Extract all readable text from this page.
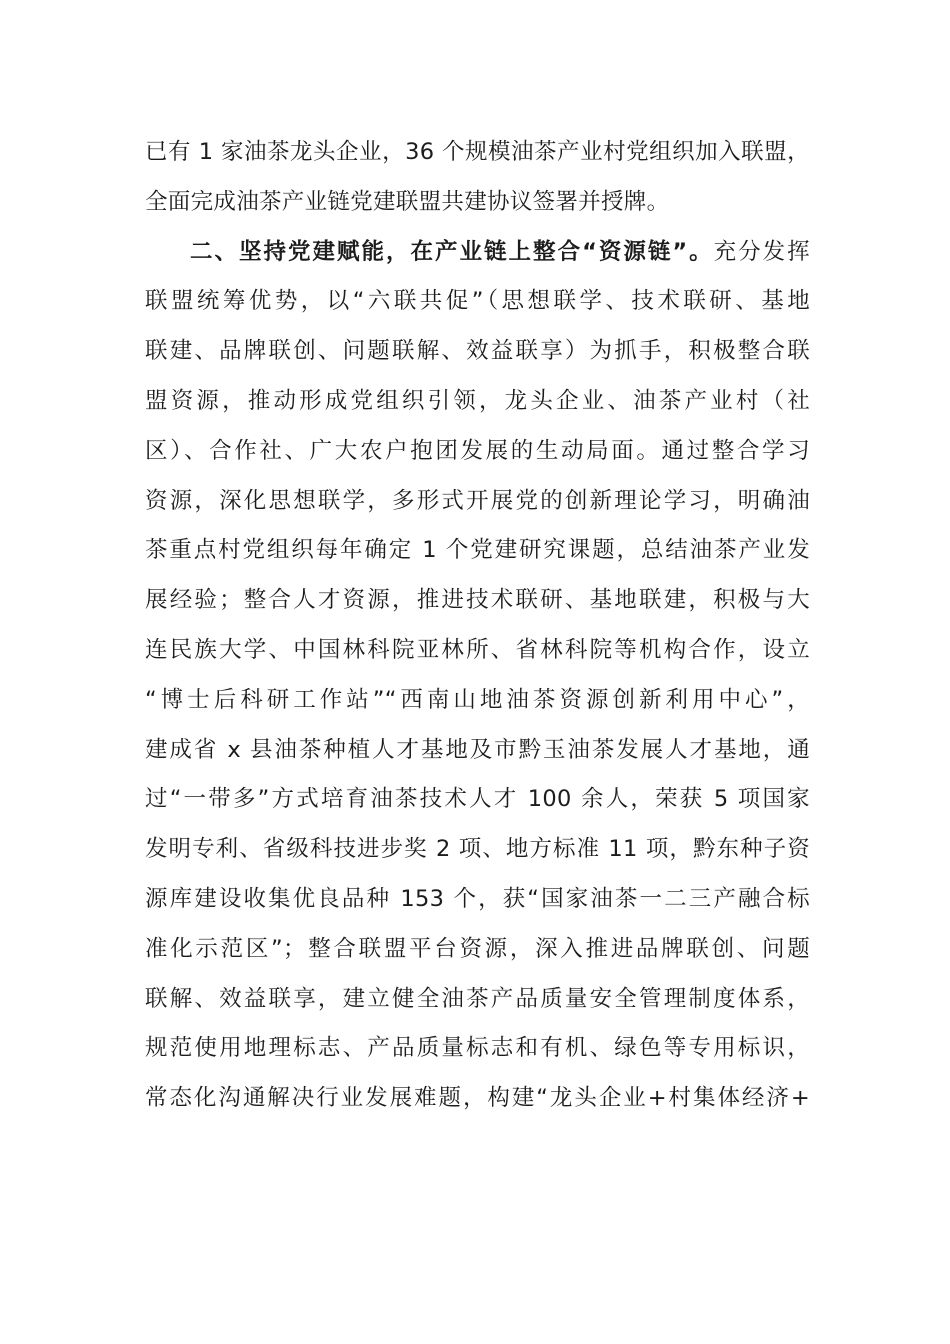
已有 1 家油茶龙头企业，36 个规模油茶产业村党组织加入联盟，
全面完成油茶产业链党建联盟共建协议签署并授牌。
二、坚持党建赋能，在产业链上整合“资源链”。充分发挥
联盟统筹优势，以“六联共促”（思想联学、技术联研、基地
联建、品牌联创、问题联解、效益联享）为抓手，积极整合联
盟资源，推动形成党组织引领，龙头企业、油茶产业村（社
区）、合作社、广大农户抱团发展的生动局面。通过整合学习
资源，深化思想联学，多形式开展党的创新理论学习，明确油
茶重点村党组织每年确定 1 个党建研究课题，总结油茶产业发
展经验；整合人才资源，推进技术联研、基地联建，积极与大
连民族大学、中国林科院亚林所、省林科院等机构合作，设立
“博士后科研工作站”“西南山地油茶资源创新利用中心”，
建成省 x 县油茶种植人才基地及市黔玉油茶发展人才基地，通
过“一带多”方式培育油茶技术人才 100 余人，荣获 5 项国家
发明专利、省级科技进步奖 2 项、地方标准 11 项，黔东种子资
源库建设收集优良品种 153 个，获“国家油茶一二三产融合标
准化示范区”；整合联盟平台资源，深入推进品牌联创、问题
联解、效益联享，建立健全油茶产品质量安全管理制度体系，
规范使用地理标志、产品质量标志和有机、绿色等专用标识，
常态化沟通解决行业发展难题，构建“龙头企业+村集体经济+
